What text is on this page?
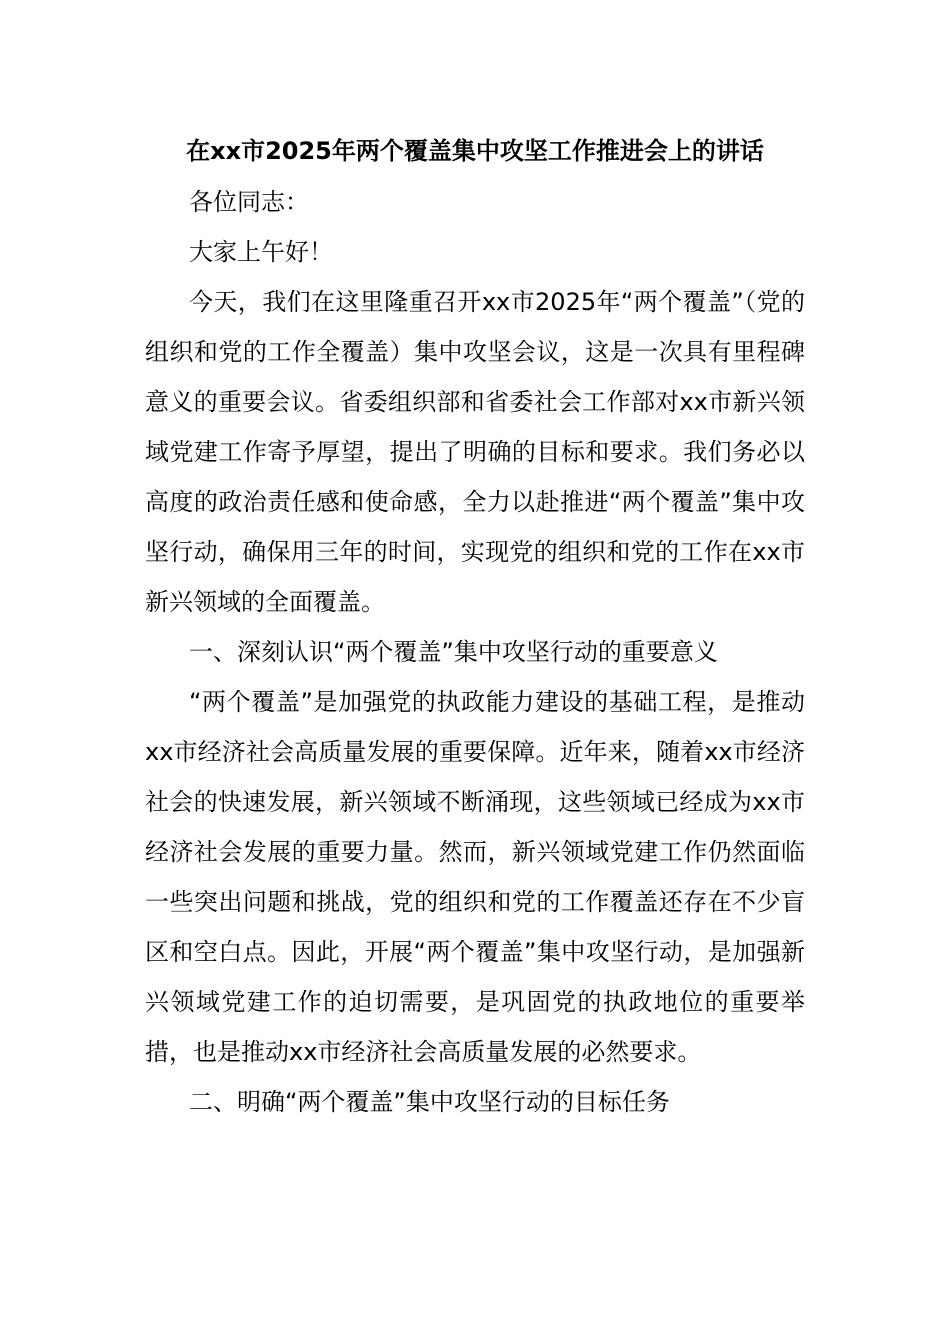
在xx市2025年两个覆盖集中攻坚工作推进会上的讲话

各位同志：

大家上午好！

今天，我们在这里隆重召开xx市2025年“两个覆盖”（党的组织和党的工作全覆盖）集中攻坚会议，这是一次具有里程碑意义的重要会议。省委组织部和省委社会工作部对xx市新兴领域党建工作寄予厚望，提出了明确的目标和要求。我们务必以高度的政治责任感和使命感，全力以赴推进“两个覆盖”集中攻坚行动，确保用三年的时间，实现党的组织和党的工作在xx市新兴领域的全面覆盖。

一、深刻认识“两个覆盖”集中攻坚行动的重要意义

“两个覆盖”是加强党的执政能力建设的基础工程，是推动xx市经济社会高质量发展的重要保障。近年来，随着xx市经济社会的快速发展，新兴领域不断涌现，这些领域已经成为xx市经济社会发展的重要力量。然而，新兴领域党建工作仍然面临一些突出问题和挑战，党的组织和党的工作覆盖还存在不少盲区和空白点。因此，开展“两个覆盖”集中攻坚行动，是加强新兴领域党建工作的迫切需要，是巩固党的执政地位的重要举措，也是推动xx市经济社会高质量发展的必然要求。

二、明确“两个覆盖”集中攻坚行动的目标任务
